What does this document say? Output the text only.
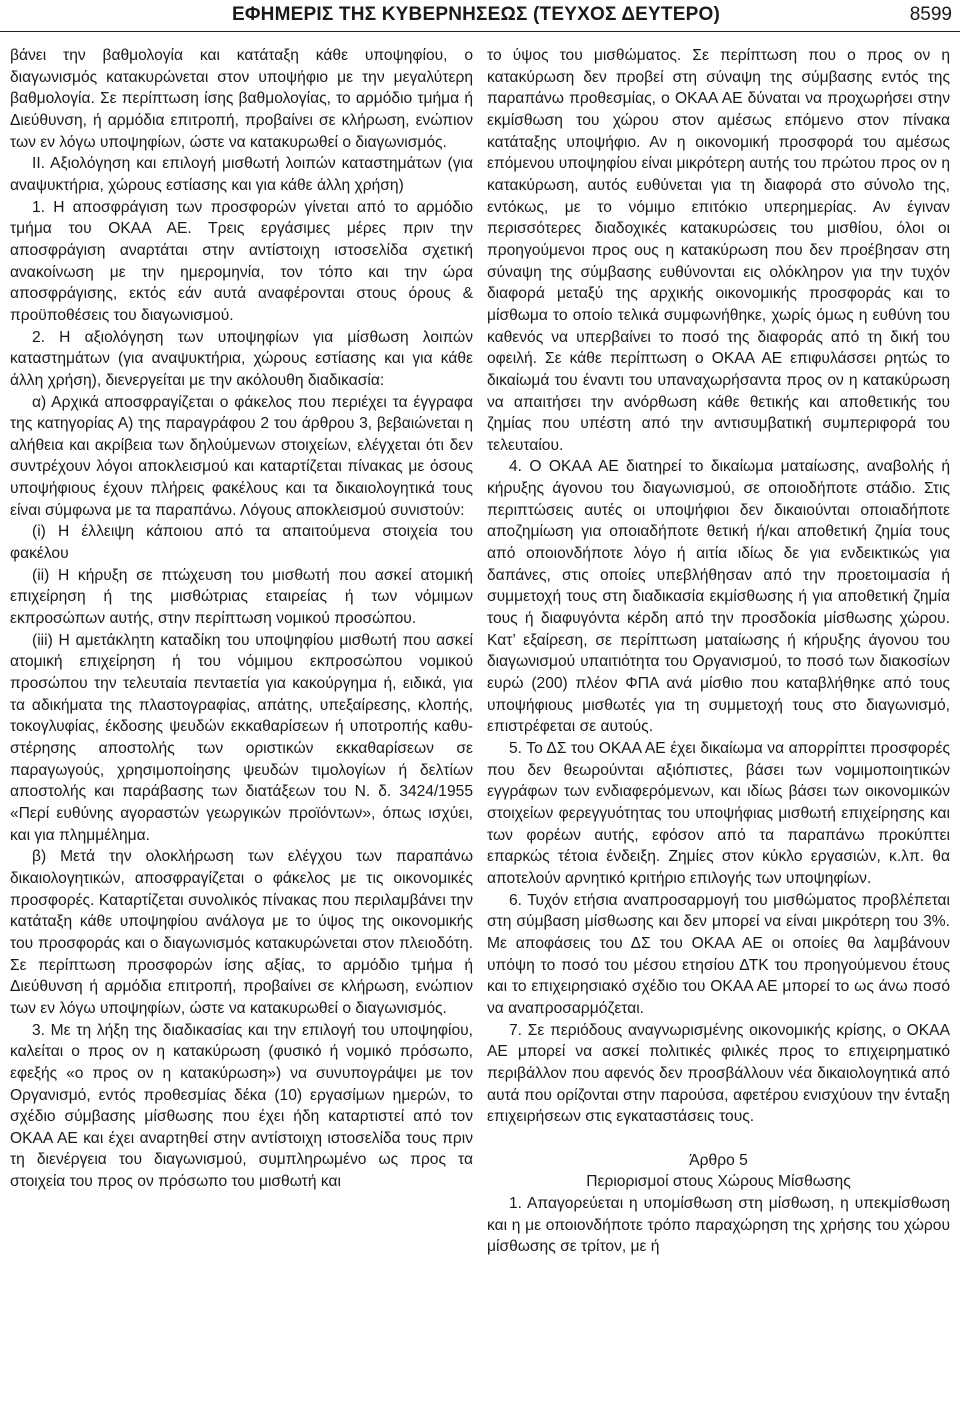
ΕΦΗΜΕΡΙΣ ΤΗΣ ΚΥΒΕΡΝΗΣΕΩΣ (ΤΕΥΧΟΣ ΔΕΥΤΕΡΟ)	8599

βάνει την βαθμολογία και κατάταξη κάθε υποψηφίου, ο διαγωνισμός κατακυρώνεται στον υποψήφιο με την μεγαλύτερη βαθμολογία. Σε περίπτωση ίσης βαθμολογίας, το αρμόδιο τμήμα ή Διεύθυνση, ή αρμόδια επιτροπή, προβαίνει σε κλήρωση, ενώπιον των εν λόγω υποψηφίων, ώστε να κατακυρωθεί ο διαγωνισμός.

ΙΙ. Αξιολόγηση και επιλογή μισθωτή λοιπών καταστημάτων (για αναψυκτήρια, χώρους εστίασης και για κάθε άλλη χρήση)

1. Η αποσφράγιση των προσφορών γίνεται από το αρμόδιο τμήμα του ΟΚΑΑ ΑΕ. Τρεις εργάσιμες μέρες πριν την αποσφράγιση αναρτάται στην αντίστοιχη ιστοσελίδα σχετική ανακοίνωση με την ημερομηνία, τον τόπο και την ώρα αποσφράγισης, εκτός εάν αυτά αναφέρονται στους όρους & προϋποθέσεις του διαγωνισμού.

2. Η αξιολόγηση των υποψηφίων για μίσθωση λοιπών καταστημάτων (για αναψυκτήρια, χώρους εστίασης και για κάθε άλλη χρήση), διενεργείται με την ακόλουθη διαδικασία:

α) Αρχικά αποσφραγίζεται ο φάκελος που περιέχει τα έγγραφα της κατηγορίας Α) της παραγράφου 2 του άρθρου 3, βεβαιώνεται η αλήθεια και ακρίβεια των δηλούμενων στοιχείων, ελέγχεται ότι δεν συντρέχουν λόγοι αποκλεισμού και καταρτίζεται πίνακας με όσους υποψήφιους έχουν πλήρεις φακέλους και τα δικαιολογητικά τους είναι σύμφωνα με τα παραπάνω. Λόγους αποκλεισμού συνιστούν:

(i) Η έλλειψη κάποιου από τα απαιτούμενα στοιχεία του φακέλου

(ii) Η κήρυξη σε πτώχευση του μισθωτή που ασκεί ατομική επιχείρηση ή της μισθώτριας εταιρείας ή των νόμιμων εκπροσώπων αυτής, στην περίπτωση νομικού προσώπου.

(iii) Η αμετάκλητη καταδίκη του υποψηφίου μισθωτή που ασκεί ατομική επιχείρηση ή του νόμιμου εκπροσώπου νομικού προσώπου την τελευταία πενταετία για κακούργημα ή, ειδικά, για τα αδικήματα της πλαστογραφίας, απάτης, υπεξαίρεσης, κλοπής, τοκογλυφίας, έκδοσης ψευδών εκκαθαρίσεων ή υποτροπής καθυστέρησης αποστολής των οριστικών εκκαθαρίσεων σε παραγωγούς, χρησιμοποίησης ψευδών τιμολογίων ή δελτίων αποστολής και παράβασης των διατάξεων του Ν. δ. 3424/1955 «Περί ευθύνης αγοραστών γεωργικών προϊόντων», όπως ισχύει, και για πλημμέλημα.

β) Μετά την ολοκλήρωση των ελέγχου των παραπάνω δικαιολογητικών, αποσφραγίζεται ο φάκελος με τις οικονομικές προσφορές. Καταρτίζεται συνολικός πίνακας που περιλαμβάνει την κατάταξη κάθε υποψηφίου ανάλογα με το ύψος της οικονομικής του προσφοράς και ο διαγωνισμός κατακυρώνεται στον πλειοδότη. Σε περίπτωση προσφορών ίσης αξίας, το αρμόδιο τμήμα ή Διεύθυνση ή αρμόδια επιτροπή, προβαίνει σε κλήρωση, ενώπιον των εν λόγω υποψηφίων, ώστε να κατακυρωθεί ο διαγωνισμός.

3. Με τη λήξη της διαδικασίας και την επιλογή του υποψηφίου, καλείται ο προς ον η κατακύρωση (φυσικό ή νομικό πρόσωπο, εφεξής «ο προς ον η κατακύρωση») να συνυπογράψει με τον Οργανισμό, εντός προθεσμίας δέκα (10) εργασίμων ημερών, το σχέδιο σύμβασης μίσθωσης που έχει ήδη καταρτιστεί από τον ΟΚΑΑ ΑΕ και έχει αναρτηθεί στην αντίστοιχη ιστοσελίδα τους πριν τη διενέργεια του διαγωνισμού, συμπληρωμένο ως προς τα στοιχεία του προς ον πρόσωπο του μισθωτή και

το ύψος του μισθώματος. Σε περίπτωση που ο προς ον η κατακύρωση δεν προβεί στη σύναψη της σύμβασης εντός της παραπάνω προθεσμίας, ο ΟΚΑΑ ΑΕ δύναται να προχωρήσει στην εκμίσθωση του χώρου στον αμέσως επόμενο στον πίνακα κατάταξης υποψήφιο. Αν η οικονομική προσφορά του αμέσως επόμενου υποψηφίου είναι μικρότερη αυτής του πρώτου προς ον η κατακύρωση, αυτός ευθύνεται για τη διαφορά στο σύνολο της, εντόκως, με το νόμιμο επιτόκιο υπερημερίας. Αν έγιναν περισσότερες διαδοχικές κατακυρώσεις του μισθίου, όλοι οι προηγούμενοι προς ους η κατακύρωση που δεν προέβησαν στη σύναψη της σύμβασης ευθύνονται εις ολόκληρον για την τυχόν διαφορά μεταξύ της αρχικής οικονομικής προσφοράς και το μίσθωμα το οποίο τελικά συμφωνήθηκε, χωρίς όμως η ευθύνη του καθενός να υπερβαίνει το ποσό της διαφοράς από τη δική του οφειλή. Σε κάθε περίπτωση ο ΟΚΑΑ ΑΕ επιφυλάσσει ρητώς το δικαίωμά του έναντι του υπαναχωρήσαντα προς ον η κατακύρωση να απαιτήσει την ανόρθωση κάθε θετικής και αποθετικής του ζημίας που υπέστη από την αντισυμβατική συμπεριφορά του τελευταίου.

4. Ο ΟΚΑΑ ΑΕ διατηρεί το δικαίωμα ματαίωσης, αναβολής ή κήρυξης άγονου του διαγωνισμού, σε οποιοδήποτε στάδιο. Στις περιπτώσεις αυτές οι υποψήφιοι δεν δικαιούνται οποιαδήποτε αποζημίωση για οποιαδήποτε θετική ή/και αποθετική ζημία τους από οποιονδήποτε λόγο ή αιτία ιδίως δε για ενδεικτικώς για δαπάνες, στις οποίες υπεβλήθησαν από την προετοιμασία ή συμμετοχή τους στη διαδικασία εκμίσθωσης ή για αποθετική ζημία τους ή διαφυγόντα κέρδη από την προσδοκία μίσθωσης χώρου. Κατ’ εξαίρεση, σε περίπτωση ματαίωσης ή κήρυξης άγονου του διαγωνισμού υπαιτιότητα του Οργανισμού, το ποσό των διακοσίων ευρώ (200) πλέον ΦΠΑ ανά μίσθιο που καταβλήθηκε από τους υποψήφιους μισθωτές για τη συμμετοχή τους στο διαγωνισμό, επιστρέφεται σε αυτούς.

5. Το ΔΣ του ΟΚΑΑ ΑΕ έχει δικαίωμα να απορρίπτει προσφορές που δεν θεωρούνται αξιόπιστες, βάσει των νομιμοποιητικών εγγράφων των ενδιαφερόμενων, και ιδίως βάσει των οικονομικών στοιχείων φερεγγυότητας του υποψήφιας μισθωτή επιχείρησης και των φορέων αυτής, εφόσον από τα παραπάνω προκύπτει επαρκώς τέτοια ένδειξη. Ζημίες στον κύκλο εργασιών, κ.λπ. θα αποτελούν αρνητικό κριτήριο επιλογής των υποψηφίων.

6. Τυχόν ετήσια αναπροσαρμογή του μισθώματος προβλέπεται στη σύμβαση μίσθωσης και δεν μπορεί να είναι μικρότερη του 3%. Με αποφάσεις του ΔΣ του ΟΚΑΑ ΑΕ οι οποίες θα λαμβάνουν υπόψη το ποσό του μέσου ετησίου ΔΤΚ του προηγούμενου έτους και το επιχειρησιακό σχέδιο του ΟΚΑΑ ΑΕ μπορεί το ως άνω ποσό να αναπροσαρμόζεται.

7. Σε περιόδους αναγνωρισμένης οικονομικής κρίσης, ο ΟΚΑΑ ΑΕ μπορεί να ασκεί πολιτικές φιλικές προς το επιχειρηματικό περιβάλλον που αφενός δεν προσβάλλουν νέα δικαιολογητικά από αυτά που ορίζονται στην παρούσα, αφετέρου ενισχύουν την ένταξη επιχειρήσεων στις εγκαταστάσεις τους.

Άρθρο 5

Περιορισμοί στους Χώρους Μίσθωσης

1. Απαγορεύεται η υπομίσθωση στη μίσθωση, η υπεκμίσθωση και η με οποιονδήποτε τρόπο παραχώρηση της χρήσης του χώρου μίσθωσης σε τρίτον, με ή
